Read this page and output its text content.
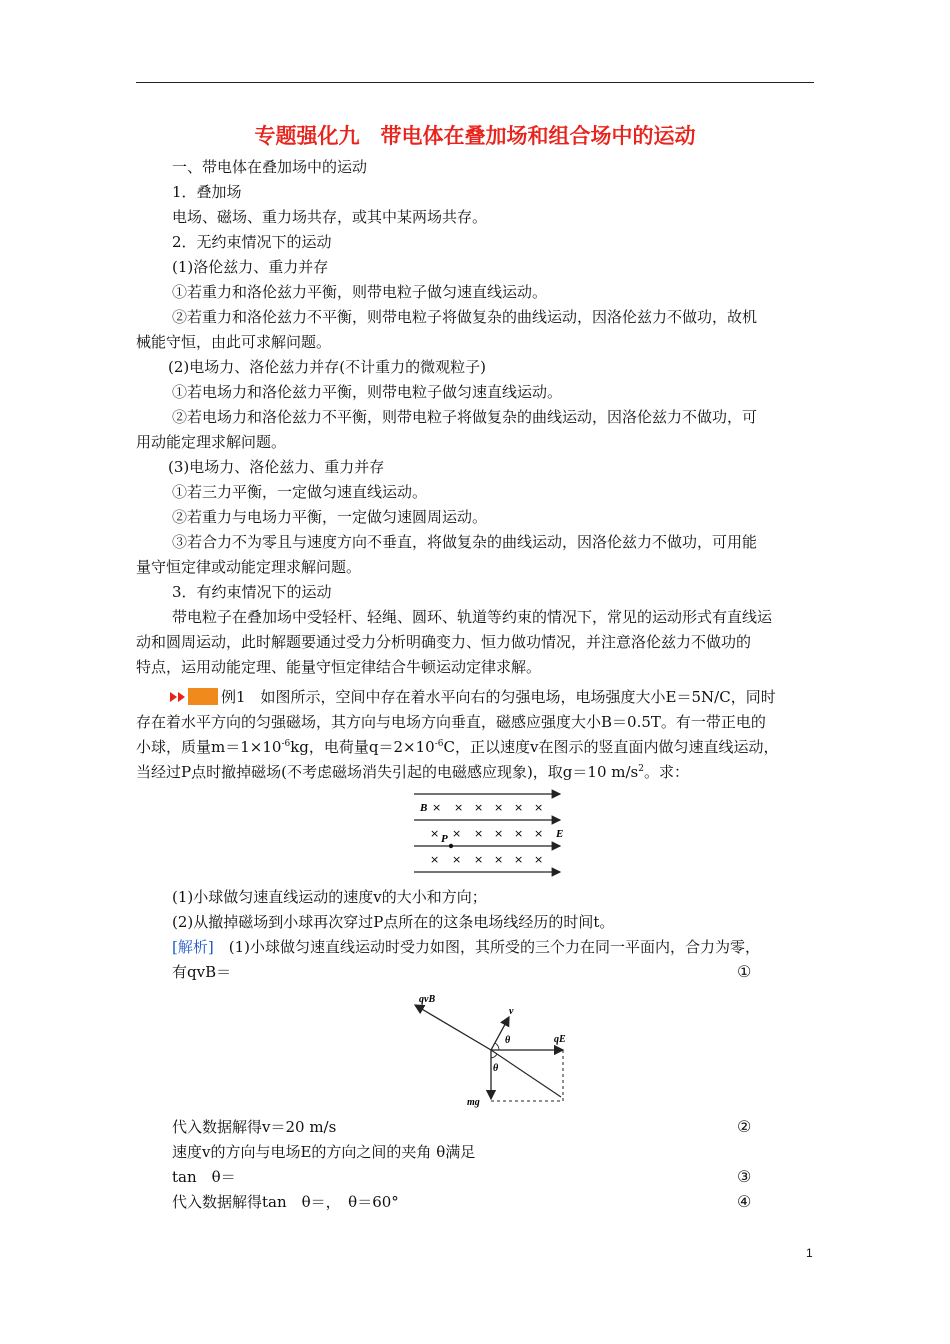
专题强化九　带电体在叠加场和组合场中的运动
一、带电体在叠加场中的运动
1．叠加场
电场、磁场、重力场共存，或其中某两场共存。
2．无约束情况下的运动
(1)洛伦兹力、重力并存
①若重力和洛伦兹力平衡，则带电粒子做匀速直线运动。
②若重力和洛伦兹力不平衡，则带电粒子将做复杂的曲线运动，因洛伦兹力不做功，故机
械能守恒，由此可求解问题。
(2)电场力、洛伦兹力并存(不计重力的微观粒子)
①若电场力和洛伦兹力平衡，则带电粒子做匀速直线运动。
②若电场力和洛伦兹力不平衡，则带电粒子将做复杂的曲线运动，因洛伦兹力不做功，可
用动能定理求解问题。
(3)电场力、洛伦兹力、重力并存
①若三力平衡，一定做匀速直线运动。
②若重力与电场力平衡，一定做匀速圆周运动。
③若合力不为零且与速度方向不垂直，将做复杂的曲线运动，因洛伦兹力不做功，可用能
量守恒定律或动能定理求解问题。
3．有约束情况下的运动
带电粒子在叠加场中受轻杆、轻绳、圆环、轨道等约束的情况下，常见的运动形式有直线运
动和圆周运动，此时解题要通过受力分析明确变力、恒力做功情况，并注意洛伦兹力不做功的
特点，运用动能定理、能量守恒定律结合牛顿运动定律求解。
例1　如图所示，空间中存在着水平向右的匀强电场，电场强度大小E＝5N/C，同时
存在着水平方向的匀强磁场，其方向与电场方向垂直，磁感应强度大小B＝0.5T。有一带正电的
小球，质量$m=1\times 10^{-6}kg$，电荷量$q=2\times 10^{-6}C$，正以速度v在图示的竖直面内做匀速直线运动，
当经过P点时撤掉磁场(不考虑磁场消失引起的电磁感应现象)，取g＝10 $m/s^2$。求：
B × × × × × ×
× P × × × × × E
× × × × × ×
(1)小球做匀速直线运动的速度v的大小和方向；
(2)从撤掉磁场到小球再次穿过P点所在的这条电场线经历的时间t。
[解析]　(1)小球做匀速直线运动时受力如图，其所受的三个力在同一平面内，合力为零，
有qvB＝	①
qvB
v
qE
θ
θ
mg
代入数据解得v＝20 m/s	②
速度v的方向与电场E的方向之间的夹角 θ满足
tan　θ＝	③
代入数据解得tan　θ＝，　θ＝60°	④
1
